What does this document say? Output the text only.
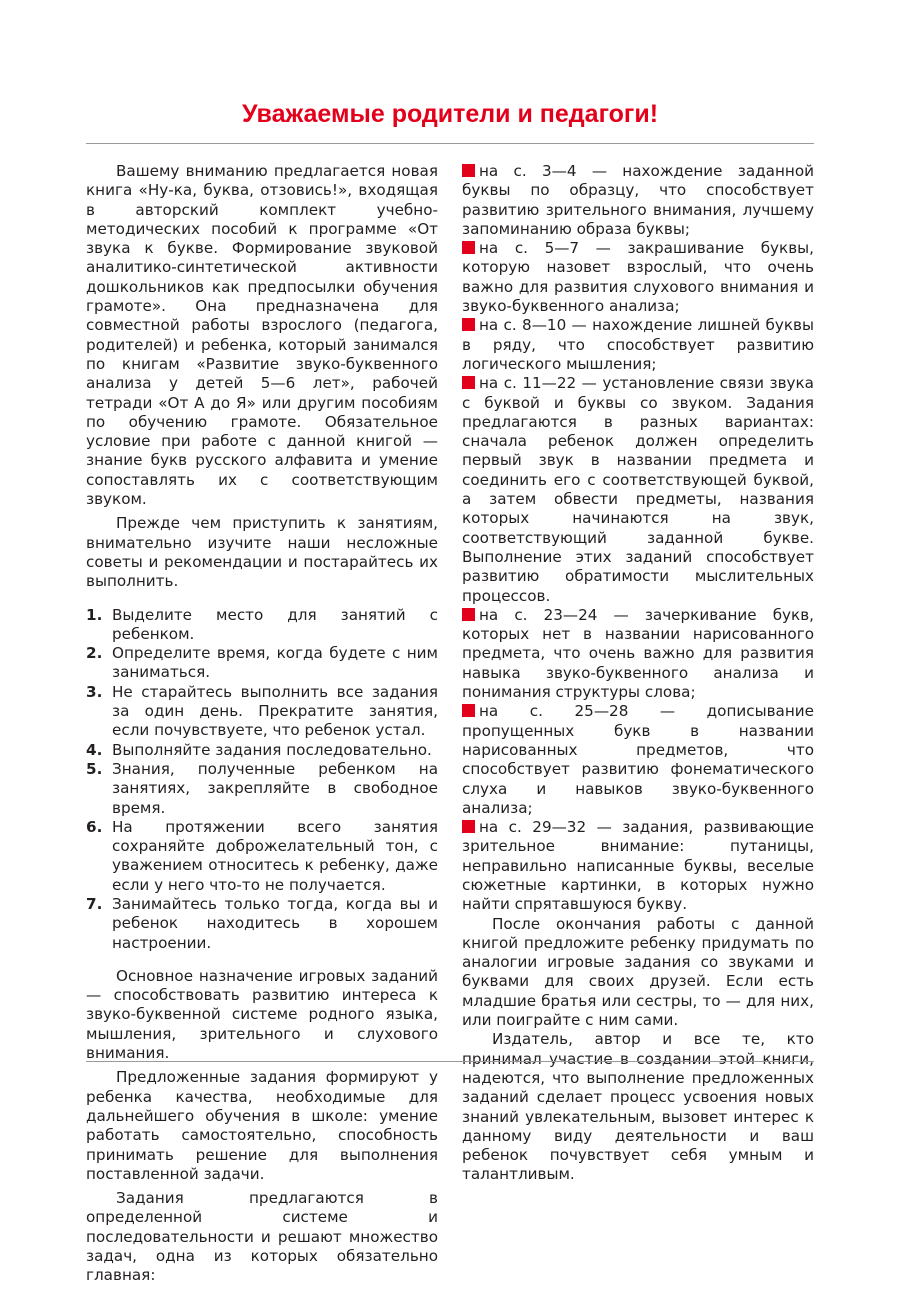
Уважаемые родители и педагоги!

Вашему вниманию предлагается новая книга «Ну-ка, буква, отзовись!», входящая в авторский комплект учебно-методических пособий к программе «От звука к букве. Формирование звуковой аналитико-синтетической активности дошкольников как предпосылки обучения грамоте». Она предназначена для совместной работы взрослого (педагога, родителей) и ребенка, который занимался по книгам «Развитие звуко-буквенного анализа у детей 5—6 лет», рабочей тетради «От А до Я» или другим пособиям по обучению грамоте. Обязательное условие при работе с данной книгой — знание букв русского алфавита и умение сопоставлять их с соответствующим звуком.

Прежде чем приступить к занятиям, внимательно изучите наши несложные советы и рекомендации и постарайтесь их выполнить.

1. Выделите место для занятий с ребенком.
2. Определите время, когда будете с ним заниматься.
3. Не старайтесь выполнить все задания за один день. Прекратите занятия, если почувствуете, что ребенок устал.
4. Выполняйте задания последовательно.
5. Знания, полученные ребенком на занятиях, закрепляйте в свободное время.
6. На протяжении всего занятия сохраняйте доброжелательный тон, с уважением относитесь к ребенку, даже если у него что-то не получается.
7. Занимайтесь только тогда, когда вы и ребенок находитесь в хорошем настроении.

Основное назначение игровых заданий — способствовать развитию интереса к звуко-буквенной системе родного языка, мышления, зрительного и слухового внимания.

Предложенные задания формируют у ребенка качества, необходимые для дальнейшего обучения в школе: умение работать самостоятельно, способность принимать решение для выполнения поставленной задачи.

Задания предлагаются в определенной системе и последовательности и решают множество задач, одна из которых обязательно главная:

на с. 3—4 — нахождение заданной буквы по образцу, что способствует развитию зрительного внимания, лучшему запоминанию образа буквы;

на с. 5—7 — закрашивание буквы, которую назовет взрослый, что очень важно для развития слухового внимания и звуко-буквенного анализа;

на с. 8—10 — нахождение лишней буквы в ряду, что способствует развитию логического мышления;

на с. 11—22 — установление связи звука с буквой и буквы со звуком. Задания предлагаются в разных вариантах: сначала ребенок должен определить первый звук в названии предмета и соединить его с соответствующей буквой, а затем обвести предметы, названия которых начинаются на звук, соответствующий заданной букве. Выполнение этих заданий способствует развитию обратимости мыслительных процессов.

на с. 23—24 — зачеркивание букв, которых нет в названии нарисованного предмета, что очень важно для развития навыка звуко-буквенного анализа и понимания структуры слова;

на с. 25—28 — дописывание пропущенных букв в названии нарисованных предметов, что способствует развитию фонематического слуха и навыков звуко-буквенного анализа;

на с. 29—32 — задания, развивающие зрительное внимание: путаницы, неправильно написанные буквы, веселые сюжетные картинки, в которых нужно найти спрятавшуюся букву.

После окончания работы с данной книгой предложите ребенку придумать по аналогии игровые задания со звуками и буквами для своих друзей. Если есть младшие братья или сестры, то — для них, или поиграйте с ним сами.

Издатель, автор и все те, кто принимал участие в создании этой книги, надеются, что выполнение предложенных заданий сделает процесс усвоения новых знаний увлекательным, вызовет интерес к данному виду деятельности и ваш ребенок почувствует себя умным и талантливым.
